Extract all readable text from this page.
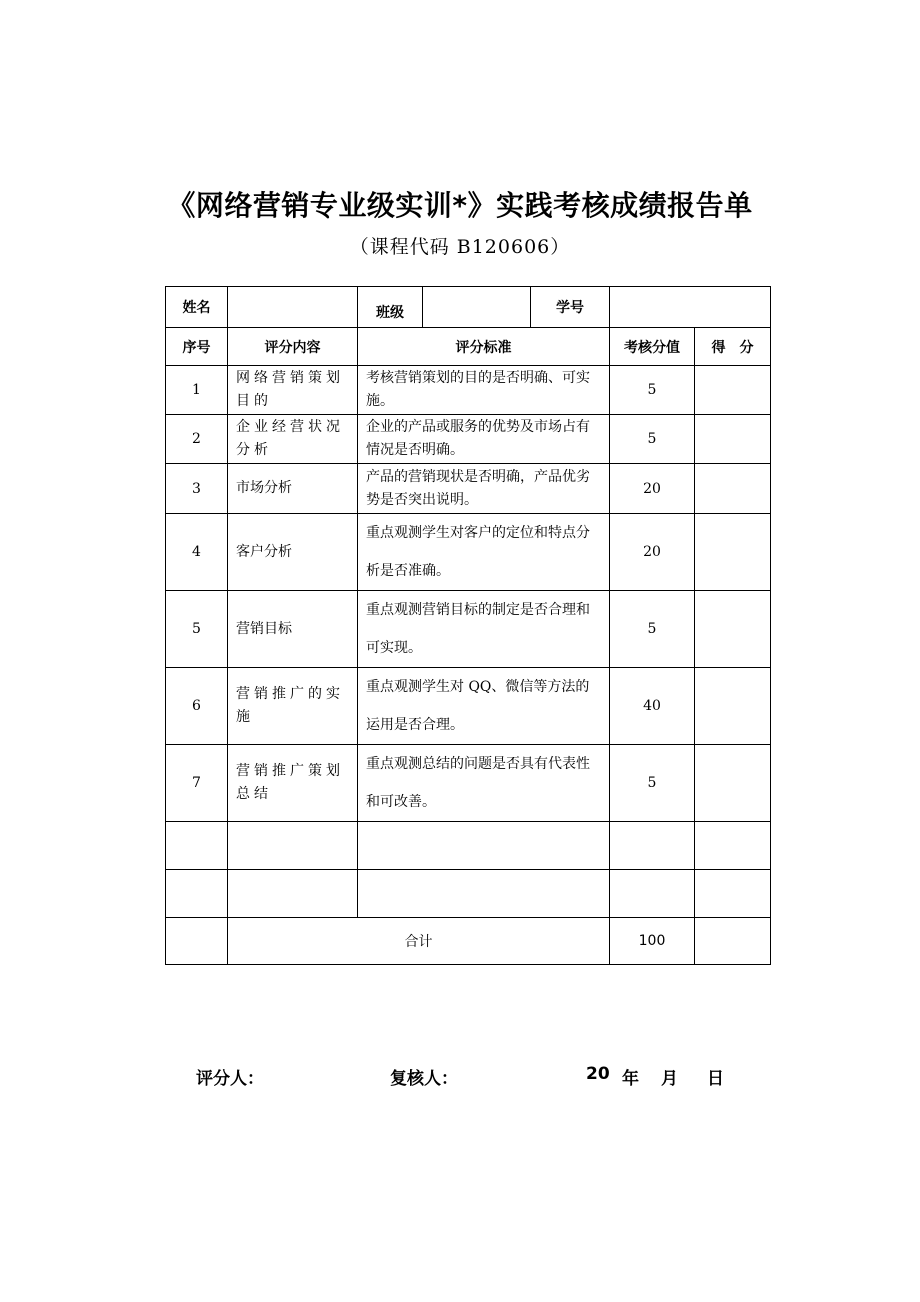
《网络营销专业级实训*》实践考核成绩报告单
（课程代码 B120606）
姓名		班级		学号		
序号	评分内容	评分标准			考核分值	得　分
1	网络营销策划目的	考核营销策划的目的是否明确、可实施。			5	
2	企业经营状况分析	企业的产品或服务的优势及市场占有情况是否明确。			5	
3	市场分析	产品的营销现状是否明确，产品优劣势是否突出说明。			20	
4	客户分析	重点观测学生对客户的定位和特点分析是否准确。			20	
5	营销目标	重点观测营销目标的制定是否合理和可实现。			5	
6	营销推广的实施	重点观测学生对 QQ、微信等方法的运用是否合理。			40	
7	营销推广策划总结	重点观测总结的问题是否具有代表性和可改善。			5	

	合计				100	
评分人：	复核人：	20 年 月 日
